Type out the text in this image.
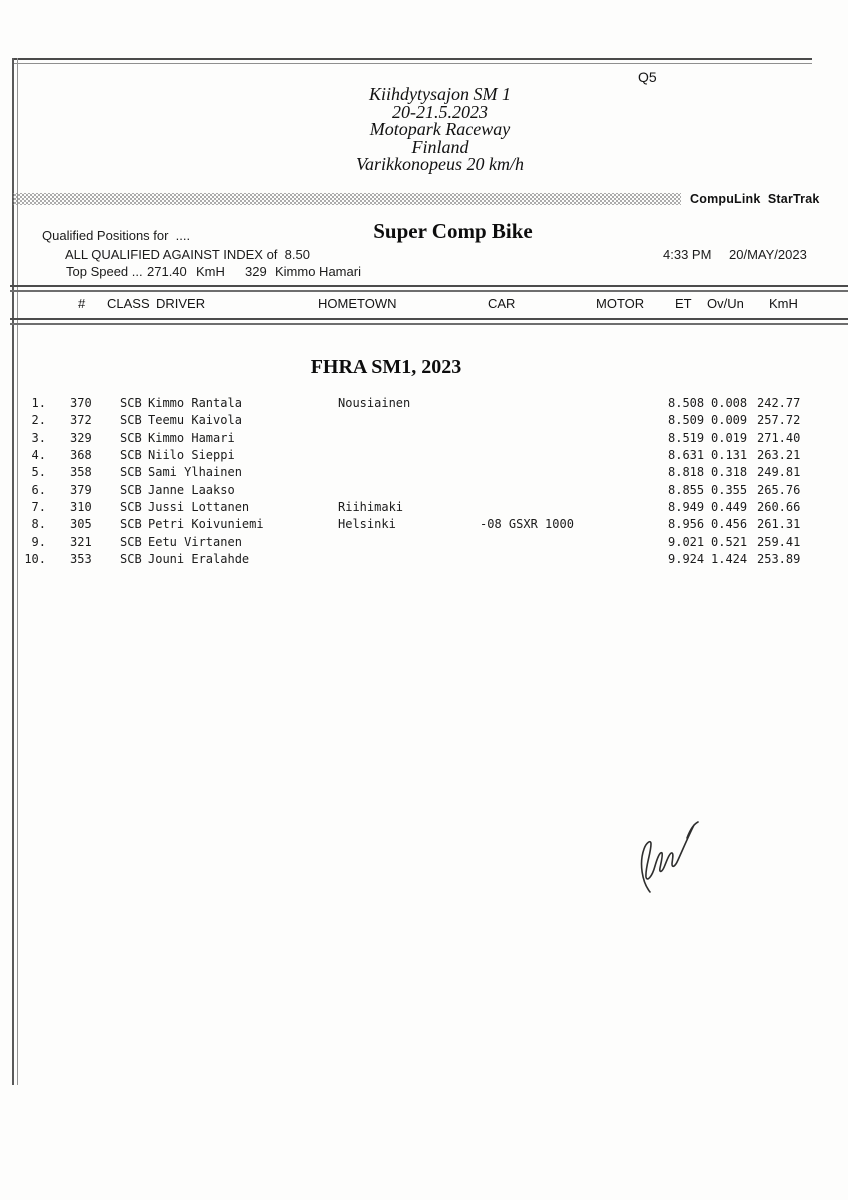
Q5
Kiihdytysajon SM 1
20-21.5.2023
Motopark Raceway
Finland
Varikkonopeus 20 km/h
CompuLink  StarTrak
Qualified Positions for  ....	Super Comp Bike
ALL QUALIFIED AGAINST INDEX of  8.50	4:33 PM 20/MAY/2023
Top Speed ... 271.40 KmH 329 Kimmo Hamari
# CLASS DRIVER	HOMETOWN	CAR	MOTOR ET Ov/Un KmH
FHRA SM1, 2023
1. 370 SCB Kimmo Rantala	Nousiainen	8.508 0.008 242.77
2. 372 SCB Teemu Kaivola	8.509 0.009 257.72
3. 329 SCB Kimmo Hamari	8.519 0.019 271.40
4. 368 SCB Niilo Sieppi	8.631 0.131 263.21
5. 358 SCB Sami Ylhainen	8.818 0.318 249.81
6. 379 SCB Janne Laakso	8.855 0.355 265.76
7. 310 SCB Jussi Lottanen	Riihimaki	8.949 0.449 260.66
8. 305 SCB Petri Koivuniemi	Helsinki	-08 GSXR 1000	8.956 0.456 261.31
9. 321 SCB Eetu Virtanen	9.021 0.521 259.41
10. 353 SCB Jouni Eralahde	9.924 1.424 253.89
